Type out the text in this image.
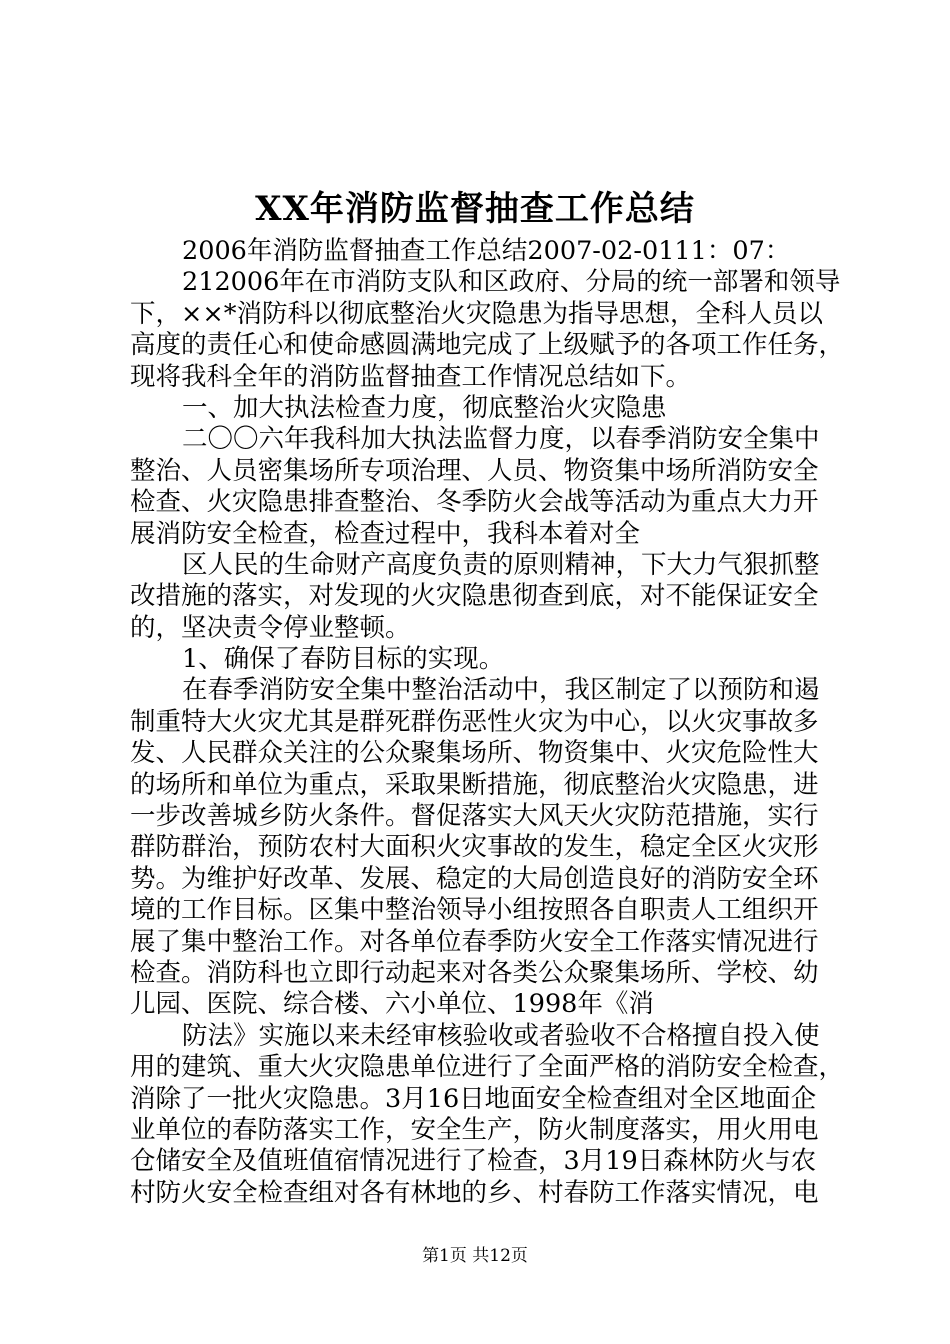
XX年消防监督抽查工作总结
2006年消防监督抽查工作总结2007-02-0111：07：
212006年在市消防支队和区政府、分局的统一部署和领导
下，××*消防科以彻底整治火灾隐患为指导思想，全科人员以
高度的责任心和使命感圆满地完成了上级赋予的各项工作任务，
现将我科全年的消防监督抽查工作情况总结如下。
一、加大执法检查力度，彻底整治火灾隐患
二〇〇六年我科加大执法监督力度，以春季消防安全集中
整治、人员密集场所专项治理、人员、物资集中场所消防安全
检查、火灾隐患排查整治、冬季防火会战等活动为重点大力开
展消防安全检查，检查过程中，我科本着对全
区人民的生命财产高度负责的原则精神，下大力气狠抓整
改措施的落实，对发现的火灾隐患彻查到底，对不能保证安全
的，坚决责令停业整顿。
1、确保了春防目标的实现。
在春季消防安全集中整治活动中，我区制定了以预防和遏
制重特大火灾尤其是群死群伤恶性火灾为中心，以火灾事故多
发、人民群众关注的公众聚集场所、物资集中、火灾危险性大
的场所和单位为重点，采取果断措施，彻底整治火灾隐患，进
一步改善城乡防火条件。督促落实大风天火灾防范措施，实行
群防群治，预防农村大面积火灾事故的发生，稳定全区火灾形
势。为维护好改革、发展、稳定的大局创造良好的消防安全环
境的工作目标。区集中整治领导小组按照各自职责人工组织开
展了集中整治工作。对各单位春季防火安全工作落实情况进行
检查。消防科也立即行动起来对各类公众聚集场所、学校、幼
儿园、医院、综合楼、六小单位、1998年《消
防法》实施以来未经审核验收或者验收不合格擅自投入使
用的建筑、重大火灾隐患单位进行了全面严格的消防安全检查，
消除了一批火灾隐患。3月16日地面安全检查组对全区地面企
业单位的春防落实工作，安全生产，防火制度落实，用火用电
仓储安全及值班值宿情况进行了检查，3月19日森林防火与农
村防火安全检查组对各有林地的乡、村春防工作落实情况，电
第1页 共12页
